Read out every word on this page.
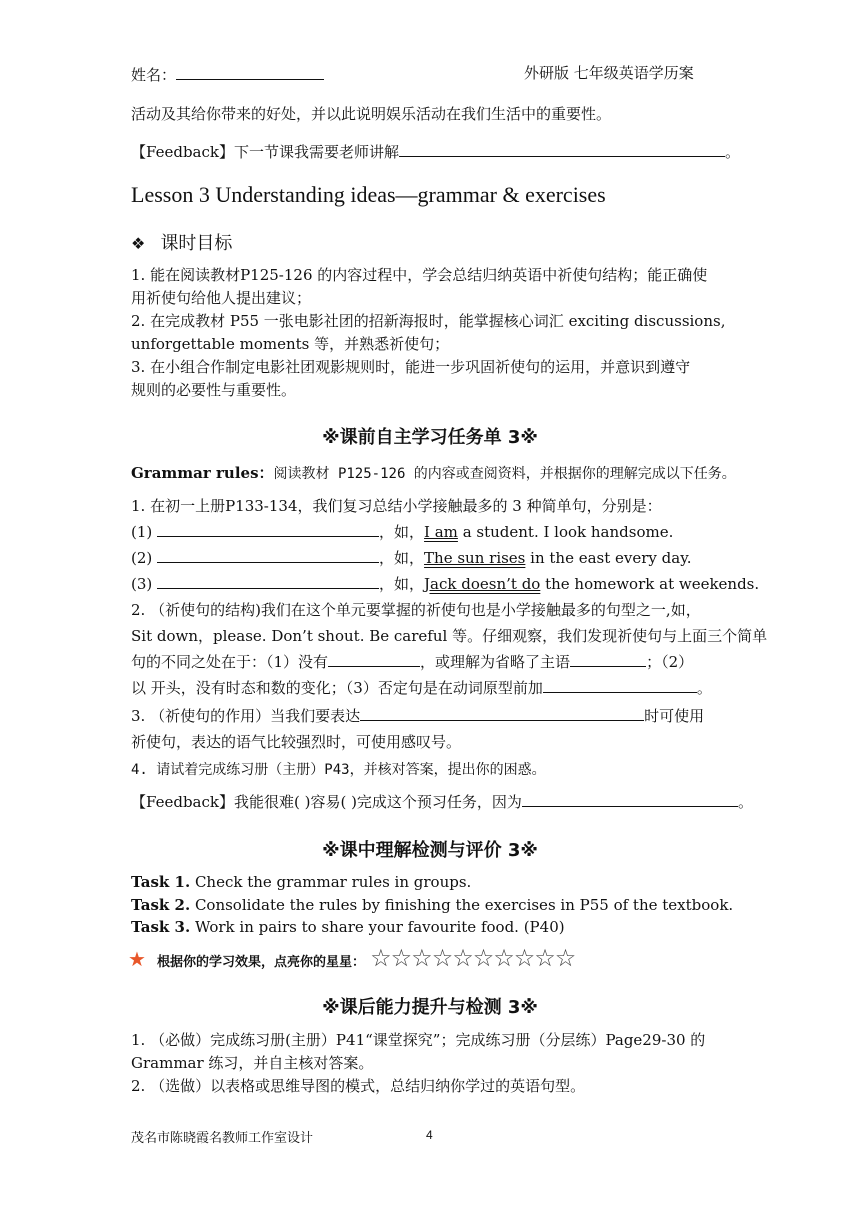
姓名：	外研版 七年级英语学历案
活动及其给你带来的好处，并以此说明娱乐活动在我们生活中的重要性。
【Feedback】下一节课我需要老师讲解	。
Lesson 3 Understanding ideas—grammar & exercises
❖ 课时目标
1. 能在阅读教材P125-126 的内容过程中，学会总结归纳英语中祈使句结构；能正确使
用祈使句给他人提出建议；
2. 在完成教材 P55 一张电影社团的招新海报时，能掌握核心词汇 exciting discussions,
unforgettable moments 等，并熟悉祈使句；
3. 在小组合作制定电影社团观影规则时，能进一步巩固祈使句的运用，并意识到遵守
规则的必要性与重要性。
※课前自主学习任务单 3※
Grammar rules：阅读教材 P125-126 的内容或查阅资料，并根据你的理解完成以下任务。
1. 在初一上册P133-134，我们复习总结小学接触最多的 3 种简单句，分别是：
(1)	，如，I am a student. I look handsome.
(2)	，如，The sun rises in the east every day.
(3)	，如，Jack doesn’t do the homework at weekends.
2. （祈使句的结构)我们在这个单元要掌握的祈使句也是小学接触最多的句型之一,如，
Sit down，please. Don’t shout. Be careful 等。仔细观察，我们发现祈使句与上面三个简单
句的不同之处在于：（1）没有	，或理解为省略了主语	；（2）
以 开头，没有时态和数的变化；（3）否定句是在动词原型前加	。
3. （祈使句的作用）当我们要表达	时可使用
祈使句，表达的语气比较强烈时，可使用感叹号。
4. 请试着完成练习册（主册）P43，并核对答案，提出你的困惑。
【Feedback】我能很难( )容易( )完成这个预习任务，因为	。
※课中理解检测与评价 3※
Task 1. Check the grammar rules in groups.
Task 2. Consolidate the rules by finishing the exercises in P55 of the textbook.
Task 3. Work in pairs to share your favourite food. (P40)
★ 根据你的学习效果，点亮你的星星： ☆☆☆☆☆☆☆☆☆☆
※课后能力提升与检测 3※
1. （必做）完成练习册(主册）P41“课堂探究”；完成练习册（分层练）Page29-30 的
Grammar 练习，并自主核对答案。
2. （选做）以表格或思维导图的模式，总结归纳你学过的英语句型。
茂名市陈晓霞名教师工作室设计	4
